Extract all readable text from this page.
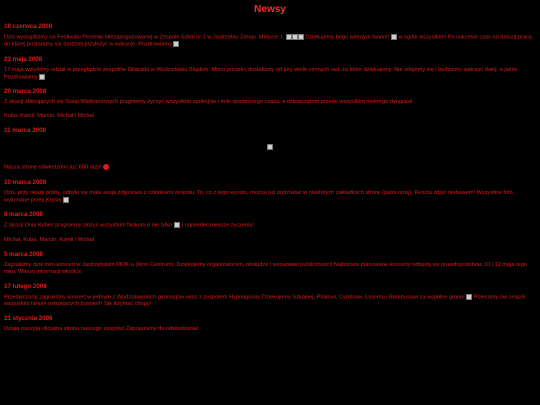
Newsy
18 czerwca 2008
Dziś wystąpiliśmy na Festiwalu Piosenki Niezaangażowanej w Zespole Szkół nr 1 w Jastrzębiu Zdroju. Miejsce: I.	Dziękujemy bogu wiernym fanom! w ogóle wszystkim! Po sukcesie czas na dalszą pracę, do której postaramy się bardziej przyłożyć w wakacje. Pozdrawiamy
23 maja 2008
17 maja wzięliśmy udział w przeglądzie zespołów Gitarada w Wodzisławiu Śląskim. Mimo porażki, dostaliśmy od jury wiele cennych rad, za które dziękujemy. Nie zdajemy się i będziemy walczyć dalej, a jakże. Pozdrawiamy
20 marca 2008
Z okazji zbliżających się Świąt Wielkanocnych pragniemy życzyć wszystkim spokojnie i miło spędzonego czasu, a dziewczętom przede wszystkim mokrego dyngusa!
Kuba, Kamil, Marcin, Michał i Michał
11 marca 2008
Naszą stronę odwiedzono już 600 razy!
10 marca 2008
Dziś, przy okazji próby, odbyła się mała sesja zdjęciowa z członkami zespołu. To, co z tego wyszło, można już podziwiać w niektórych zakładkach strony (patrz niżej). Reszta zdjęć niebawem! Wszystkie foto wykonane przez Krysię
8 marca 2008
Z okazji Dnia Kobiet pragniemy złożyć wszystkim fankom (i nie tylko ) najserdeczniejsze życzenia!
Michał, Kuba, Marcin, Kamil i Michał
5 marca 2008
Zagraliśmy dziś mini-koncert w Jastrzębskim MOK-u (Kino Centrum). Dziękujemy organizatorom, obsłudze i wspaniałej publiczności! Najbliższe planowane koncerty odbędą się prawdopodobnie 10 i 12 maja tego roku. Więcej informacji wkrótce.
17 lutego 2008
Przedwczoraj zagraliśmy koncert w jednym z Wodzisławskich gimnazjów wraz z zespołem Hypnagonia. Dziękujemy Szkalnej, Plakowi, Cymbowi, Łysemu i Bambusowi za wspólne granie Polecamy ów zespół wszystkim fanom ostrzejszych brzmień! Tak trzymać chopy!
21 stycznia 2008
Działa naszyja oficjalna strona naszego zespołu! Zapraszamy do odwiedzania!
